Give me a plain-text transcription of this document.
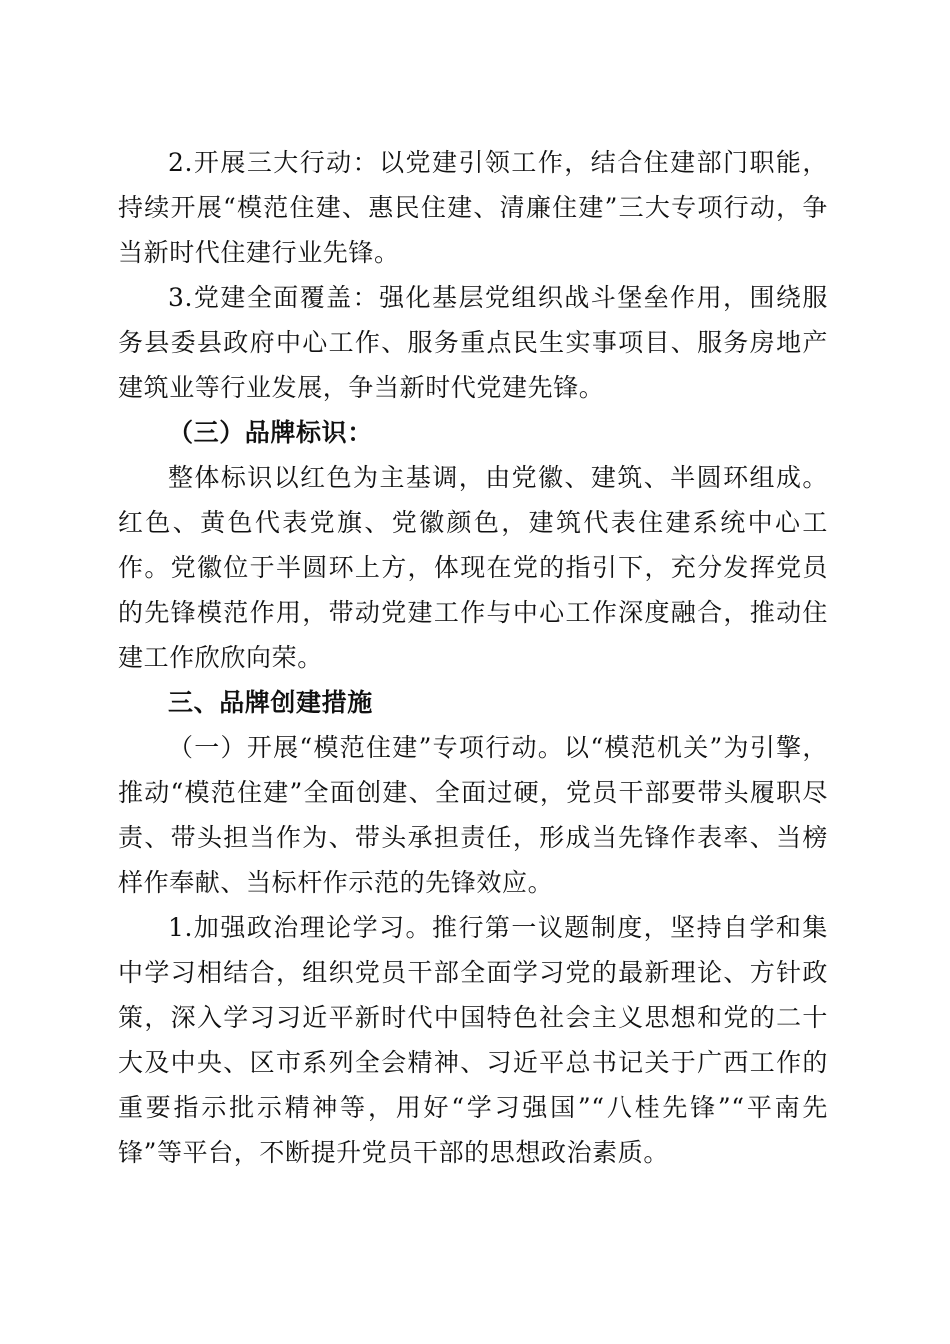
2.开展三大行动：以党建引领工作，结合住建部门职能，持续开展“模范住建、惠民住建、清廉住建”三大专项行动，争当新时代住建行业先锋。

3.党建全面覆盖：强化基层党组织战斗堡垒作用，围绕服务县委县政府中心工作、服务重点民生实事项目、服务房地产建筑业等行业发展，争当新时代党建先锋。

（三）品牌标识：

整体标识以红色为主基调，由党徽、建筑、半圆环组成。红色、黄色代表党旗、党徽颜色，建筑代表住建系统中心工作。党徽位于半圆环上方，体现在党的指引下，充分发挥党员的先锋模范作用，带动党建工作与中心工作深度融合，推动住建工作欣欣向荣。

三、品牌创建措施

（一）开展“模范住建”专项行动。以“模范机关”为引擎，推动“模范住建”全面创建、全面过硬，党员干部要带头履职尽责、带头担当作为、带头承担责任，形成当先锋作表率、当榜样作奉献、当标杆作示范的先锋效应。

1.加强政治理论学习。推行第一议题制度，坚持自学和集中学习相结合，组织党员干部全面学习党的最新理论、方针政策，深入学习习近平新时代中国特色社会主义思想和党的二十大及中央、区市系列全会精神、习近平总书记关于广西工作的重要指示批示精神等，用好“学习强国”“八桂先锋”“平南先锋”等平台，不断提升党员干部的思想政治素质。
